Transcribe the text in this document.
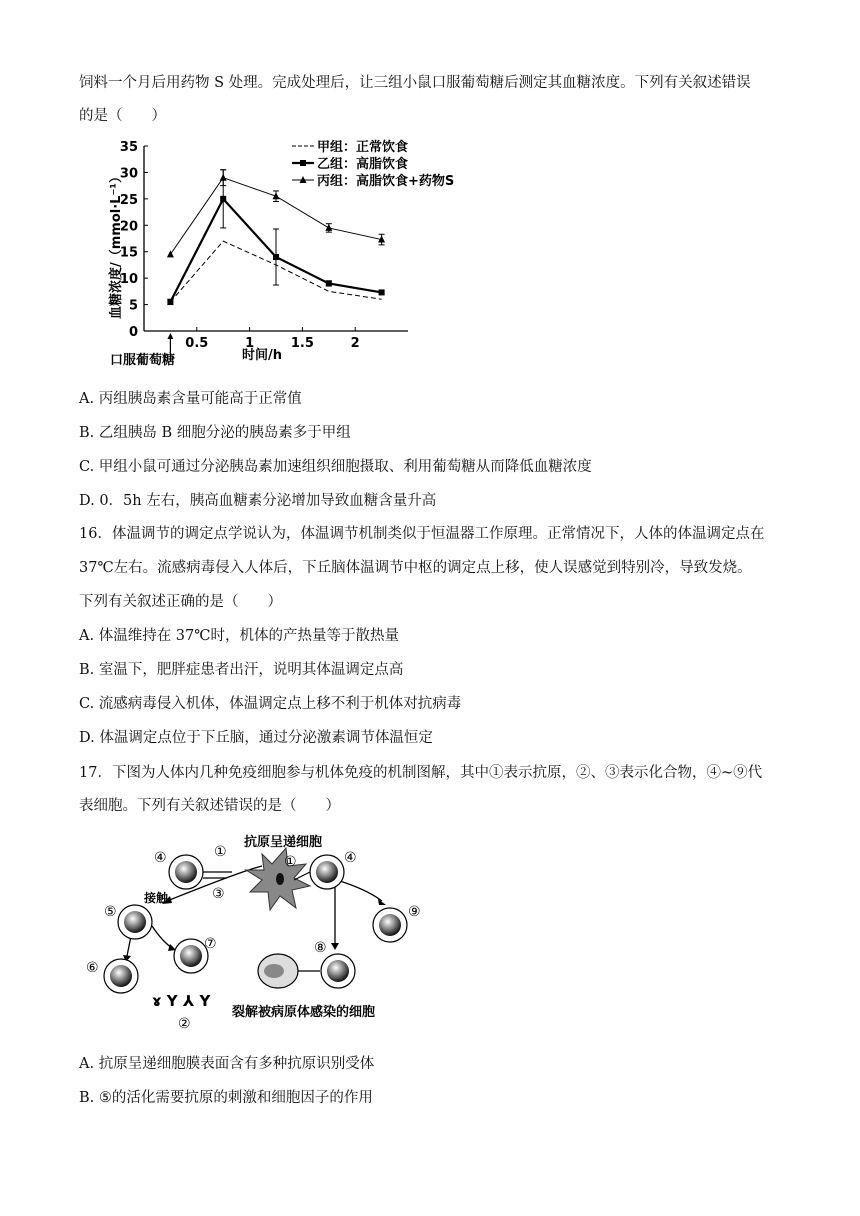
饲料一个月后用药物 S 处理。完成处理后，让三组小鼠口服葡萄糖后测定其血糖浓度。下列有关叙述错误
的是（　　）
0
5
10
15
20
25
30
35
0.5	1	1.5	2
甲组：正常饮食
乙组：高脂饮食
丙组：高脂饮食+药物S
血糖浓度/（mmol·L⁻¹）
时间/h
口服葡萄糖
A. 丙组胰岛素含量可能高于正常值
B. 乙组胰岛 B 细胞分泌的胰岛素多于甲组
C. 甲组小鼠可通过分泌胰岛素加速组织细胞摄取、利用葡萄糖从而降低血糖浓度
D. 0．5h 左右，胰高血糖素分泌增加导致血糖含量升高
16．体温调节的调定点学说认为，体温调节机制类似于恒温器工作原理。正常情况下，人体的体温调定点在
37℃左右。流感病毒侵入人体后，下丘脑体温调节中枢的调定点上移，使人误感觉到特别冷，导致发烧。
下列有关叙述正确的是（　　）
A. 体温维持在 37℃时，机体的产热量等于散热量
B. 室温下，肥胖症患者出汗，说明其体温调定点高
C. 流感病毒侵入机体，体温调定点上移不利于机体对抗病毒
D. 体温调定点位于下丘脑，通过分泌激素调节体温恒定
17．下图为人体内几种免疫细胞参与机体免疫的机制图解，其中①表示抗原，②、③表示化合物，④~⑨代
表细胞。下列有关叙述错误的是（　　）
抗原呈递细胞
ɤ Y ⅄ Y
接触
裂解被病原体感染的细胞
④	①
③
①	④
⑤
⑦
⑥
②
⑧
⑨
A. 抗原呈递细胞膜表面含有多种抗原识别受体
B. ⑤的活化需要抗原的刺激和细胞因子的作用
